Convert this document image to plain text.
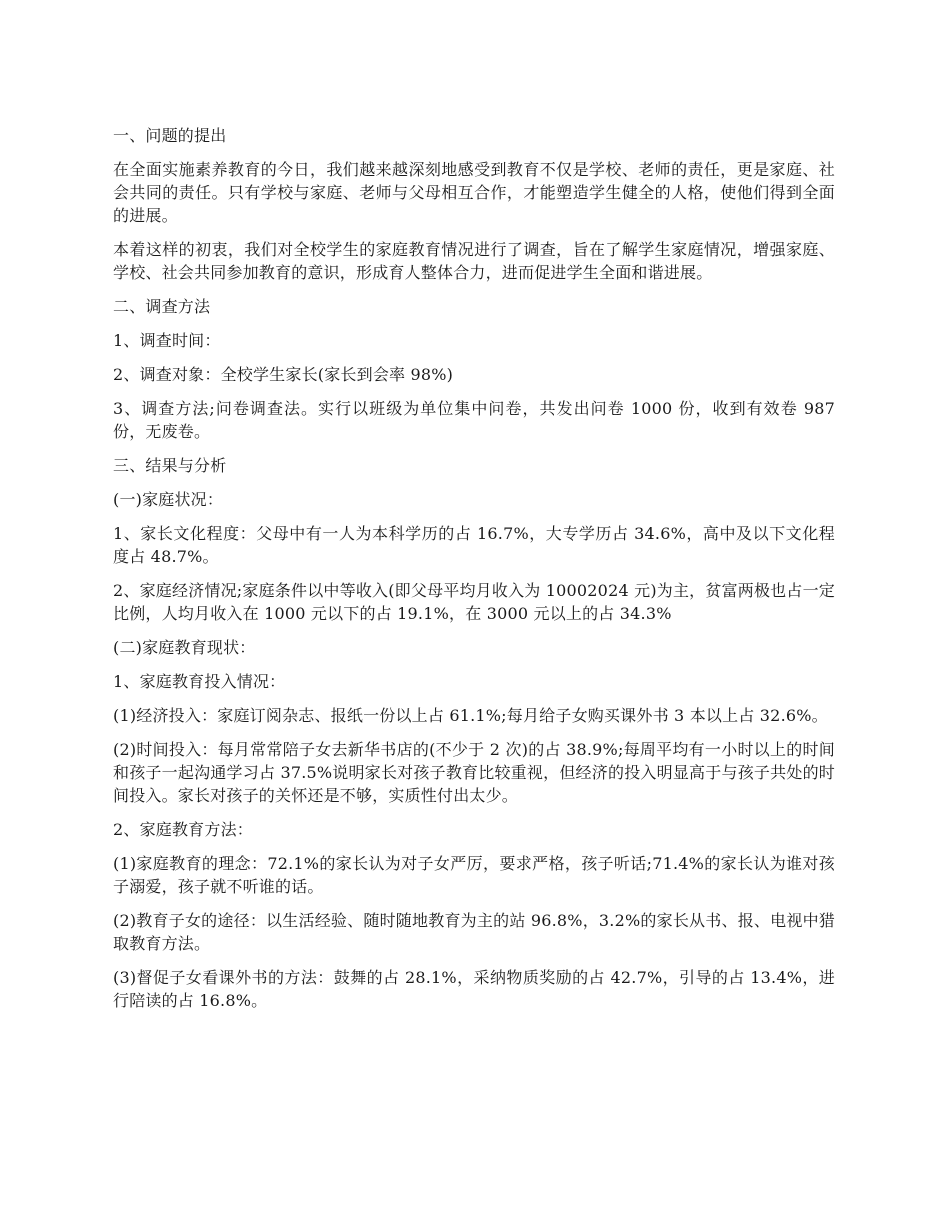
一、问题的提出

在全面实施素养教育的今日，我们越来越深刻地感受到教育不仅是学校、老师的责任，更是家庭、社会共同的责任。只有学校与家庭、老师与父母相互合作，才能塑造学生健全的人格，使他们得到全面的进展。

本着这样的初衷，我们对全校学生的家庭教育情况进行了调查，旨在了解学生家庭情况，增强家庭、学校、社会共同参加教育的意识，形成育人整体合力，进而促进学生全面和谐进展。

二、调查方法

1、调查时间：

2、调查对象：全校学生家长(家长到会率 98%)

3、调查方法;问卷调查法。实行以班级为单位集中问卷，共发出问卷 1000 份，收到有效卷 987 份，无废卷。

三、结果与分析

(一)家庭状况：

1、家长文化程度：父母中有一人为本科学历的占 16.7%，大专学历占 34.6%，高中及以下文化程度占 48.7%。

2、家庭经济情况;家庭条件以中等收入(即父母平均月收入为 10002024 元)为主，贫富两极也占一定比例，人均月收入在 1000 元以下的占 19.1%，在 3000 元以上的占 34.3%

(二)家庭教育现状：

1、家庭教育投入情况：

(1)经济投入：家庭订阅杂志、报纸一份以上占 61.1%;每月给子女购买课外书 3 本以上占 32.6%。

(2)时间投入：每月常常陪子女去新华书店的(不少于 2 次)的占 38.9%;每周平均有一小时以上的时间和孩子一起沟通学习占 37.5%说明家长对孩子教育比较重视，但经济的投入明显高于与孩子共处的时间投入。家长对孩子的关怀还是不够，实质性付出太少。

2、家庭教育方法：

(1)家庭教育的理念：72.1%的家长认为对子女严厉，要求严格，孩子听话;71.4%的家长认为谁对孩子溺爱，孩子就不听谁的话。

(2)教育子女的途径：以生活经验、随时随地教育为主的站 96.8%，3.2%的家长从书、报、电视中猎取教育方法。

(3)督促子女看课外书的方法：鼓舞的占 28.1%，采纳物质奖励的占 42.7%，引导的占 13.4%，进行陪读的占 16.8%。
